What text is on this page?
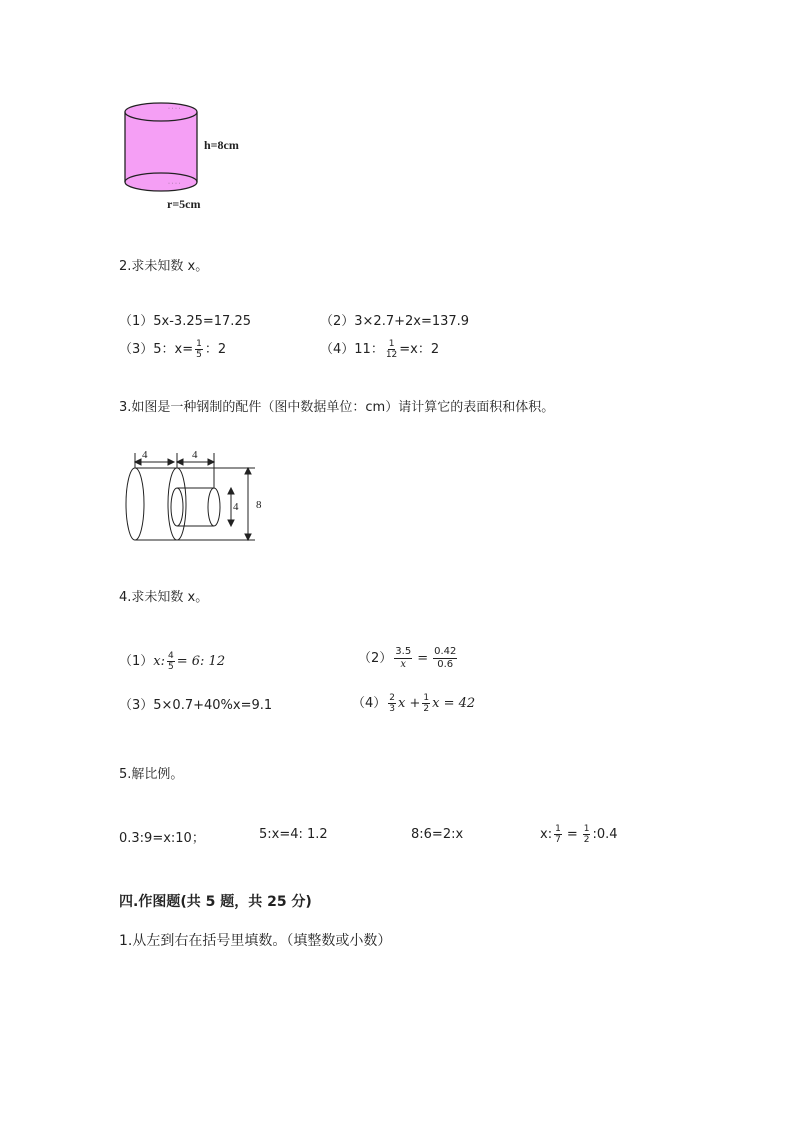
· · · ·
· · · ·
h=8cm
r=5cm
2.求未知数 x。
（1）5x-3.25=17.25	（2）3×2.7+2x=137.9
（3）5：$x= \frac{1}{5}$ ：2	（4）11： $\frac{1}{12} =x$：2
3.如图是一种钢制的配件（图中数据单位：cm）请计算它的表面积和体积。
4	4
4 8
4.求未知数 x。
（1）x: $\frac{4}{5} = 6$: 12	$(2) \frac{3.5}{x} = \frac{0.42}{0.6}$
（3）5×0.7+40%x=9.1	$(4) \frac{2}{3}$ $x + \frac{1}{2}$ x = 42
5.解比例。
0.3:9=x:10；	5:x=4: 1.2	8:6=2:x	x: $\frac{1}{7} = \frac{1}{2}$ :0.4
四.作图题(共 5 题，共 25 分)
1.从左到右在括号里填数。（填整数或小数）
